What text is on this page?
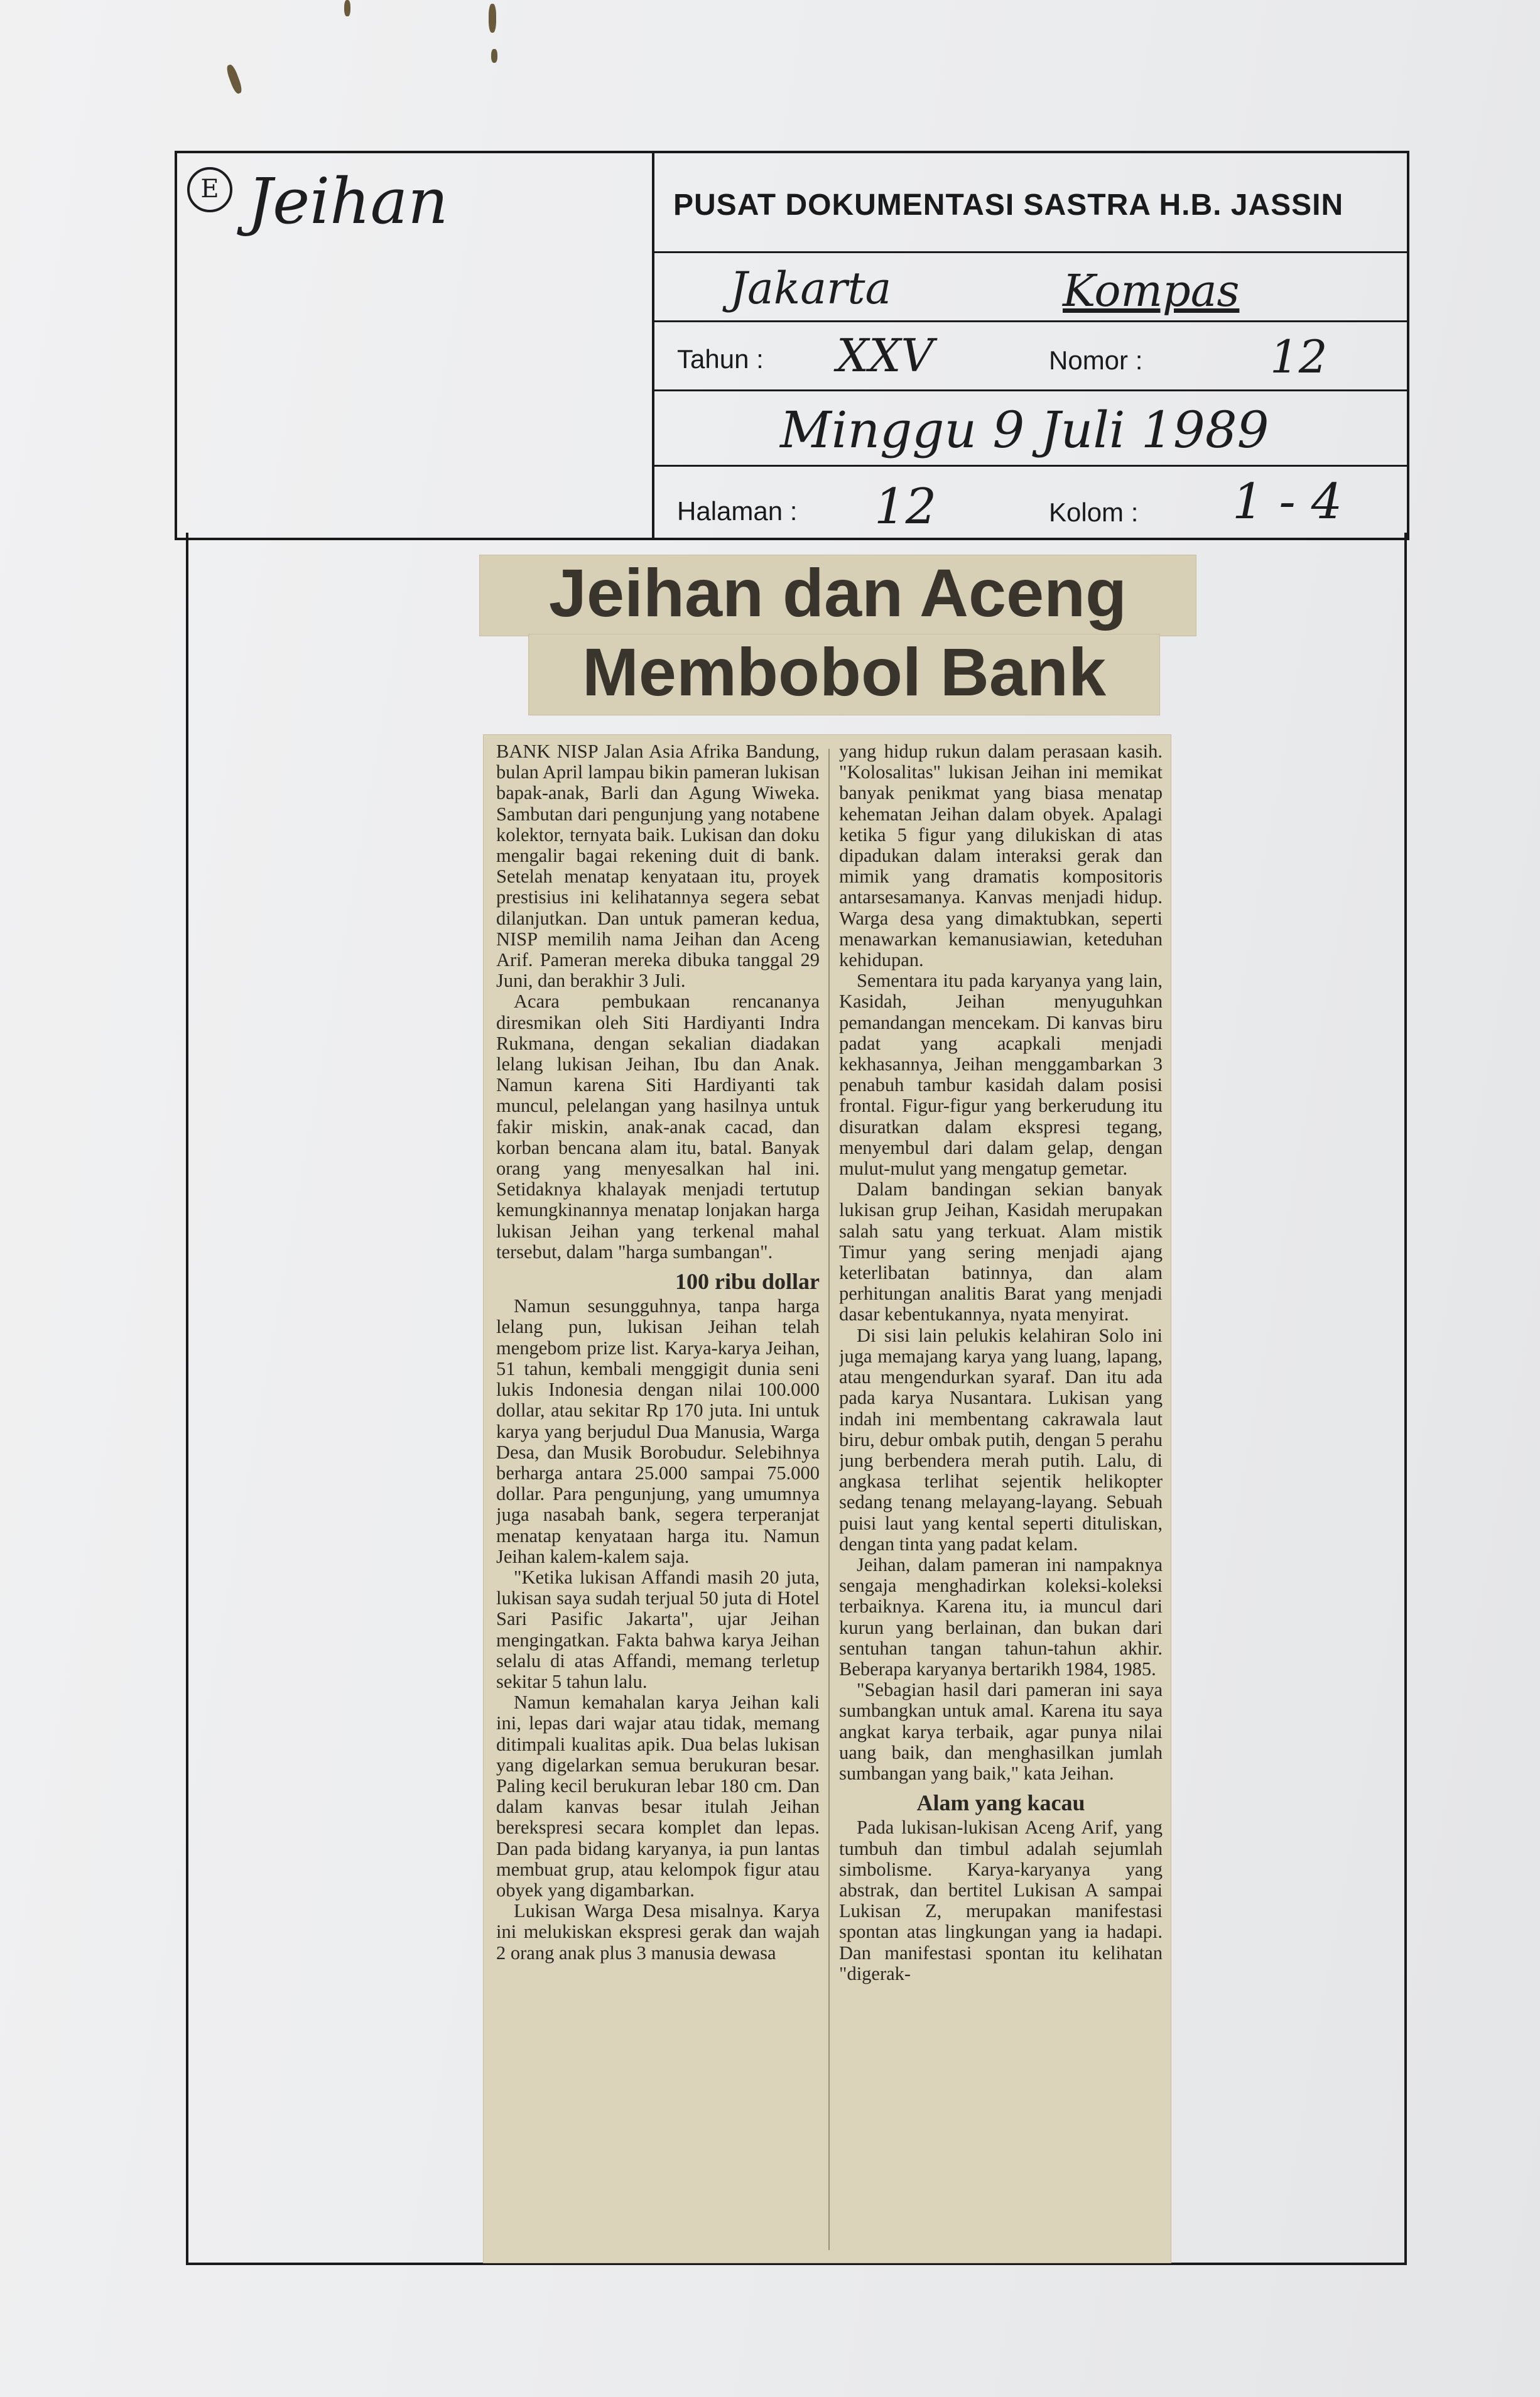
E Jeihan	PUSAT DOKUMENTASI SASTRA H.B. JASSIN
Jakarta	Kompas
Tahun : XXV	Nomor :	12
Minggu 9 Juli 1989
Halaman : 12	Kolom : 1 - 4
Jeihan dan Aceng
Membobol Bank

BANK NISP Jalan Asia Afrika Bandung, bulan April lampau bikin pameran lukisan bapak-anak, Barli dan Agung Wiweka. Sambutan dari pengunjung yang notabene kolektor, ternyata baik. Lukisan dan doku mengalir bagai rekening duit di bank. Setelah menatap kenyataan itu, proyek prestisius ini kelihatannya segera sebat dilanjutkan. Dan untuk pameran kedua, NISP memilih nama Jeihan dan Aceng Arif. Pameran mereka dibuka tanggal 29 Juni, dan berakhir 3 Juli.

Acara pembukaan rencananya diresmikan oleh Siti Hardiyanti Indra Rukmana, dengan sekalian diadakan lelang lukisan Jeihan, Ibu dan Anak. Namun karena Siti Hardiyanti tak muncul, pelelangan yang hasilnya untuk fakir miskin, anak-anak cacad, dan korban bencana alam itu, batal. Banyak orang yang menyesalkan hal ini. Setidaknya khalayak menjadi tertutup kemungkinannya menatap lonjakan harga lukisan Jeihan yang terkenal mahal tersebut, dalam "harga sumbangan".

100 ribu dollar

Namun sesungguhnya, tanpa harga lelang pun, lukisan Jeihan telah mengebom prize list. Karya-karya Jeihan, 51 tahun, kembali menggigit dunia seni lukis Indonesia dengan nilai 100.000 dollar, atau sekitar Rp 170 juta. Ini untuk karya yang berjudul Dua Manusia, Warga Desa, dan Musik Borobudur. Selebihnya berharga antara 25.000 sampai 75.000 dollar. Para pengunjung, yang umumnya juga nasabah bank, segera terperanjat menatap kenyataan harga itu. Namun Jeihan kalem-kalem saja.

"Ketika lukisan Affandi masih 20 juta, lukisan saya sudah terjual 50 juta di Hotel Sari Pasific Jakarta", ujar Jeihan mengingatkan. Fakta bahwa karya Jeihan selalu di atas Affandi, memang terletup sekitar 5 tahun lalu.

Namun kemahalan karya Jeihan kali ini, lepas dari wajar atau tidak, memang ditimpali kualitas apik. Dua belas lukisan yang digelarkan semua berukuran besar. Paling kecil berukuran lebar 180 cm. Dan dalam kanvas besar itulah Jeihan berekspresi secara komplet dan lepas. Dan pada bidang karyanya, ia pun lantas membuat grup, atau kelompok figur atau obyek yang digambarkan.

Lukisan Warga Desa misalnya. Karya ini melukiskan ekspresi gerak dan wajah 2 orang anak plus 3 manusia dewasa

yang hidup rukun dalam perasaan kasih. "Kolosalitas" lukisan Jeihan ini memikat banyak penikmat yang biasa menatap kehematan Jeihan dalam obyek. Apalagi ketika 5 figur yang dilukiskan di atas dipadukan dalam interaksi gerak dan mimik yang dramatis kompositoris antarsesamanya. Kanvas menjadi hidup. Warga desa yang dimaktubkan, seperti menawarkan kemanusiawian, keteduhan kehidupan.

Sementara itu pada karyanya yang lain, Kasidah, Jeihan menyuguhkan pemandangan mencekam. Di kanvas biru padat yang acapkali menjadi kekhasannya, Jeihan menggambarkan 3 penabuh tambur kasidah dalam posisi frontal. Figur-figur yang berkerudung itu disuratkan dalam ekspresi tegang, menyembul dari dalam gelap, dengan mulut-mulut yang mengatup gemetar.

Dalam bandingan sekian banyak lukisan grup Jeihan, Kasidah merupakan salah satu yang terkuat. Alam mistik Timur yang sering menjadi ajang keterlibatan batinnya, dan alam perhitungan analitis Barat yang menjadi dasar kebentukannya, nyata menyirat.

Di sisi lain pelukis kelahiran Solo ini juga memajang karya yang luang, lapang, atau mengendurkan syaraf. Dan itu ada pada karya Nusantara. Lukisan yang indah ini membentang cakrawala laut biru, debur ombak putih, dengan 5 perahu jung berbendera merah putih. Lalu, di angkasa terlihat sejentik helikopter sedang tenang melayang-layang. Sebuah puisi laut yang kental seperti dituliskan, dengan tinta yang padat kelam.

Jeihan, dalam pameran ini nampaknya sengaja menghadirkan koleksi-koleksi terbaiknya. Karena itu, ia muncul dari kurun yang berlainan, dan bukan dari sentuhan tangan tahun-tahun akhir. Beberapa karyanya bertarikh 1984, 1985.

"Sebagian hasil dari pameran ini saya sumbangkan untuk amal. Karena itu saya angkat karya terbaik, agar punya nilai uang baik, dan menghasilkan jumlah sumbangan yang baik," kata Jeihan.

Alam yang kacau

Pada lukisan-lukisan Aceng Arif, yang tumbuh dan timbul adalah sejumlah simbolisme. Karya-karyanya yang abstrak, dan bertitel Lukisan A sampai Lukisan Z, merupakan manifestasi spontan atas lingkungan yang ia hadapi. Dan manifestasi spontan itu kelihatan "digerak-
